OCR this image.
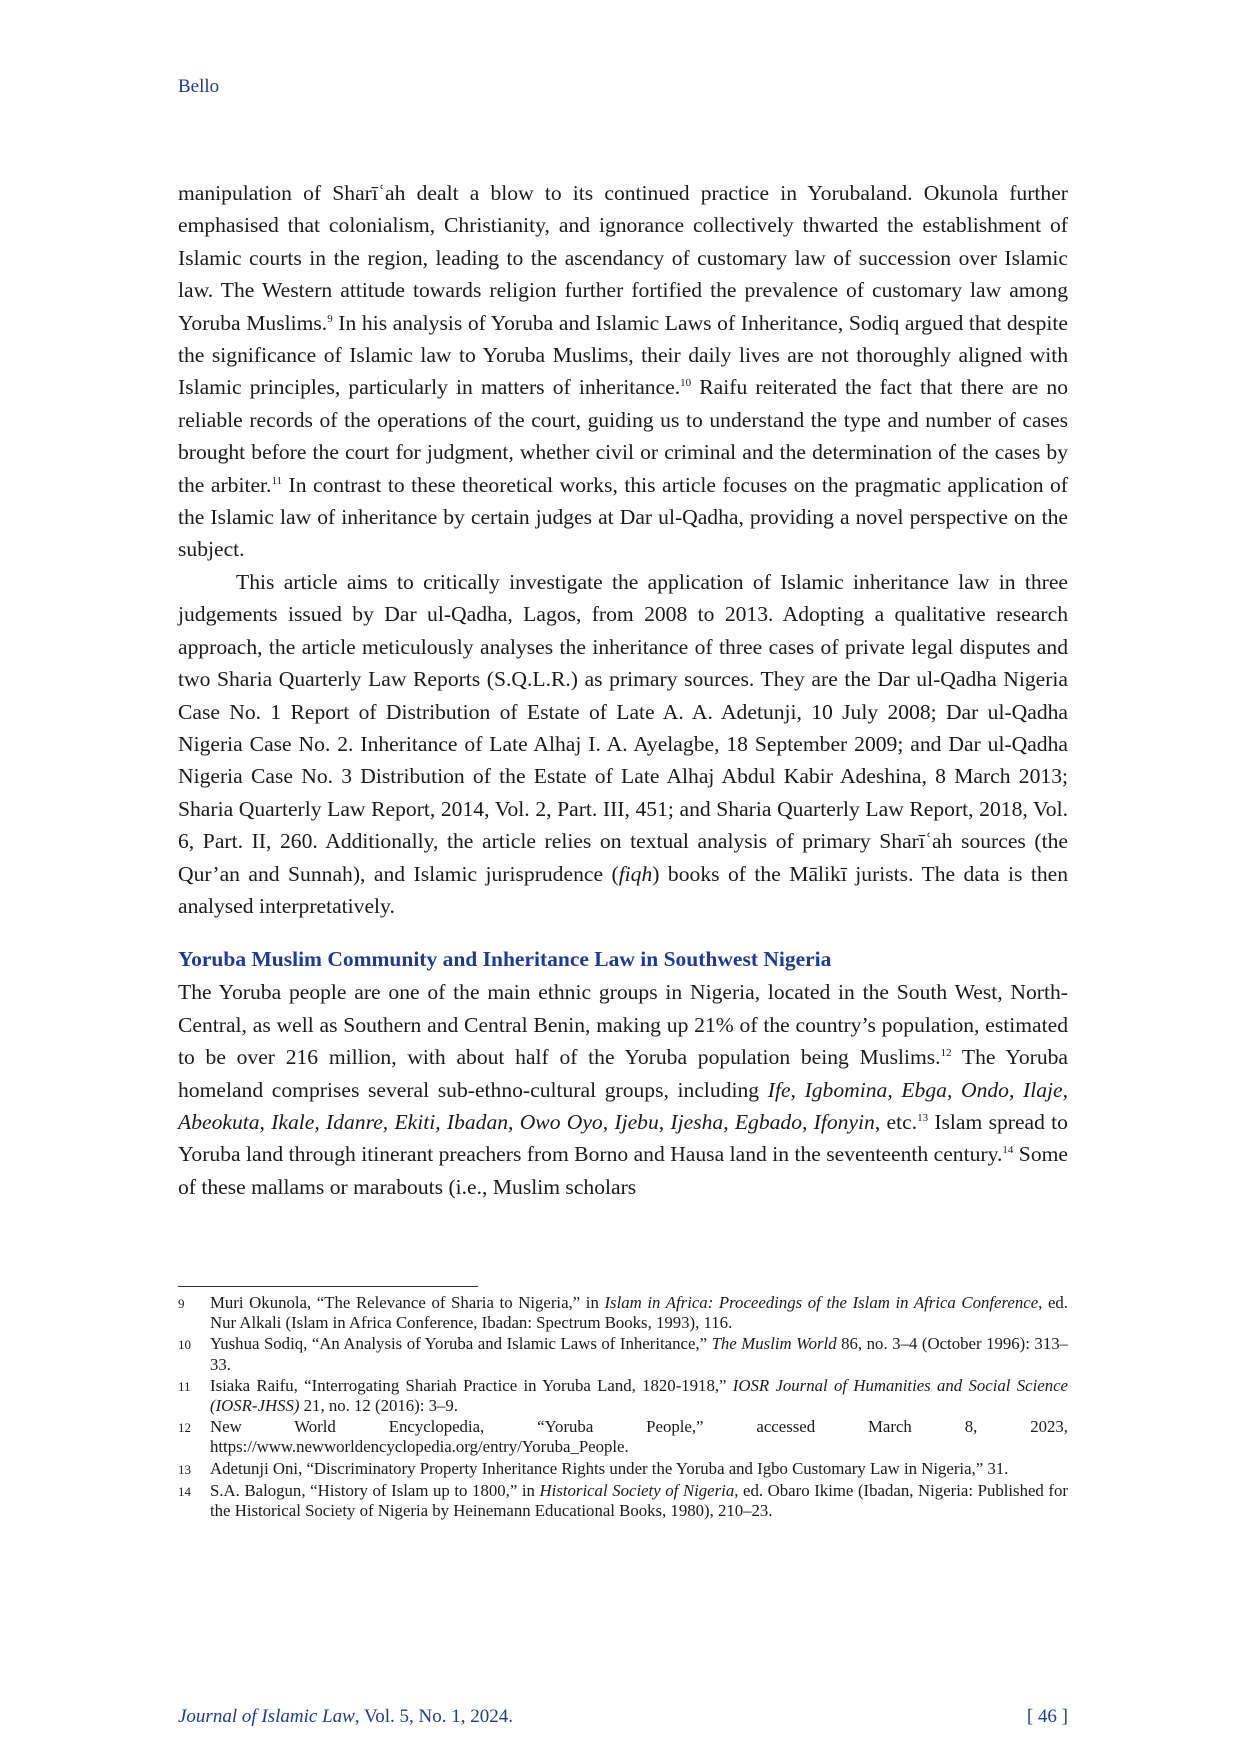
Bello

manipulation of Sharīʿah dealt a blow to its continued practice in Yorubaland. Okunola further emphasised that colonialism, Christianity, and ignorance collectively thwarted the establishment of Islamic courts in the region, leading to the ascendancy of customary law of succession over Islamic law. The Western attitude towards religion further fortified the prevalence of customary law among Yoruba Muslims.$^9$ In his analysis of Yoruba and Islamic Laws of Inheritance, Sodiq argued that despite the significance of Islamic law to Yoruba Muslims, their daily lives are not thoroughly aligned with Islamic principles, particularly in matters of inheritance.$^{10}$ Raifu reiterated the fact that there are no reliable records of the operations of the court, guiding us to understand the type and number of cases brought before the court for judgment, whether civil or criminal and the determination of the cases by the arbiter.$^{11}$ In contrast to these theoretical works, this article focuses on the pragmatic application of the Islamic law of inheritance by certain judges at Dar ul-Qadha, providing a novel perspective on the subject.

This article aims to critically investigate the application of Islamic inheritance law in three judgements issued by Dar ul-Qadha, Lagos, from 2008 to 2013. Adopting a qualitative research approach, the article meticulously analyses the inheritance of three cases of private legal disputes and two Sharia Quarterly Law Reports (S.Q.L.R.) as primary sources. They are the Dar ul-Qadha Nigeria Case No. 1 Report of Distribution of Estate of Late A. A. Adetunji, 10 July 2008; Dar ul-Qadha Nigeria Case No. 2. Inheritance of Late Alhaj I. A. Ayelagbe, 18 September 2009; and Dar ul-Qadha Nigeria Case No. 3 Distribution of the Estate of Late Alhaj Abdul Kabir Adeshina, 8 March 2013; Sharia Quarterly Law Report, 2014, Vol. 2, Part. III, 451; and Sharia Quarterly Law Report, 2018, Vol. 6, Part. II, 260. Additionally, the article relies on textual analysis of primary Sharīʿah sources (the Qur’an and Sunnah), and Islamic jurisprudence (fiqh) books of the Mālikī jurists. The data is then analysed interpretatively.

Yoruba Muslim Community and Inheritance Law in Southwest Nigeria

The Yoruba people are one of the main ethnic groups in Nigeria, located in the South West, North-Central, as well as Southern and Central Benin, making up 21% of the country’s population, estimated to be over 216 million, with about half of the Yoruba population being Muslims.$^{12}$ The Yoruba homeland comprises several sub-ethno-cultural groups, including Ife, Igbomina, Ebga, Ondo, Ilaje, Abeokuta, Ikale, Idanre, Ekiti, Ibadan, Owo Oyo, Ijebu, Ijesha, Egbado, Ifonyin, etc.$^{13}$ Islam spread to Yoruba land through itinerant preachers from Borno and Hausa land in the seventeenth century.$^{14}$ Some of these mallams or marabouts (i.e., Muslim scholars

9	Muri Okunola, “The Relevance of Sharia to Nigeria,” in Islam in Africa: Proceedings of the Islam in Africa Conference, ed. Nur Alkali (Islam in Africa Conference, Ibadan: Spectrum Books, 1993), 116.
10	Yushua Sodiq, “An Analysis of Yoruba and Islamic Laws of Inheritance,” The Muslim World 86, no. 3–4 (October 1996): 313–33.
11	Isiaka Raifu, “Interrogating Shariah Practice in Yoruba Land, 1820-1918,” IOSR Journal of Humanities and Social Science (IOSR-JHSS) 21, no. 12 (2016): 3–9.
12	New World Encyclopedia, “Yoruba People,” accessed March 8, 2023, https://www.newworldencyclopedia.org/entry/Yoruba_People.
13	Adetunji Oni, “Discriminatory Property Inheritance Rights under the Yoruba and Igbo Customary Law in Nigeria,” 31.
14	S.A. Balogun, “History of Islam up to 1800,” in Historical Society of Nigeria, ed. Obaro Ikime (Ibadan, Nigeria: Published for the Historical Society of Nigeria by Heinemann Educational Books, 1980), 210–23.
Journal of Islamic Law, Vol. 5, No. 1, 2024.	[ 46 ]
